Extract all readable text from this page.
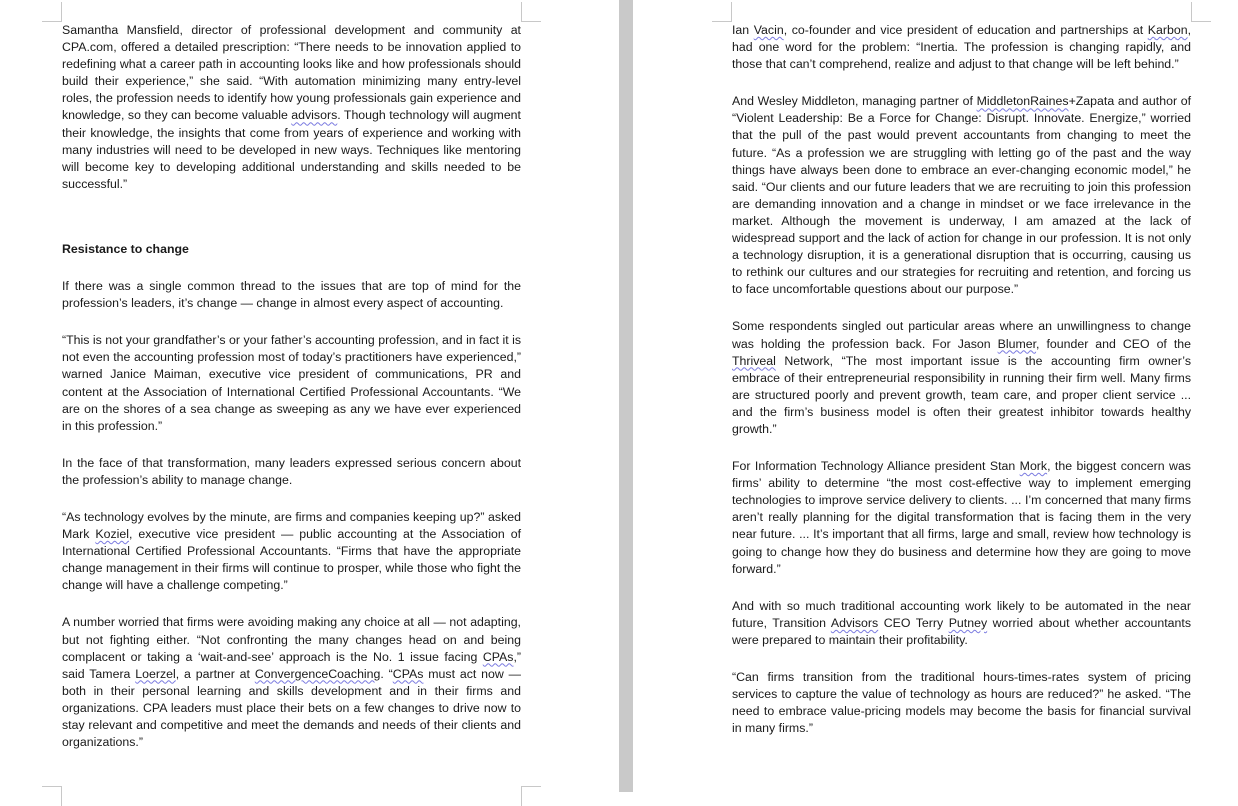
Samantha Mansfield, director of professional development and community at CPA.com, offered a detailed prescription: “There needs to be innovation applied to redefining what a career path in accounting looks like and how professionals should build their experience,” she said. “With automation minimizing many entry-level roles, the profession needs to identify how young professionals gain experience and knowledge, so they can become valuable advisors. Though technology will augment their knowledge, the insights that come from years of experience and working with many industries will need to be developed in new ways. Techniques like mentoring will become key to developing additional understanding and skills needed to be successful.”

Resistance to change

If there was a single common thread to the issues that are top of mind for the profession’s leaders, it’s change — change in almost every aspect of accounting.

“This is not your grandfather’s or your father’s accounting profession, and in fact it is not even the accounting profession most of today’s practitioners have experienced,” warned Janice Maiman, executive vice president of communications, PR and content at the Association of International Certified Professional Accountants. “We are on the shores of a sea change as sweeping as any we have ever experienced in this profession.”

In the face of that transformation, many leaders expressed serious concern about the profession’s ability to manage change.

“As technology evolves by the minute, are firms and companies keeping up?” asked Mark Koziel, executive vice president — public accounting at the Association of International Certified Professional Accountants. “Firms that have the appropriate change management in their firms will continue to prosper, while those who fight the change will have a challenge competing.”

A number worried that firms were avoiding making any choice at all — not adapting, but not fighting either. “Not confronting the many changes head on and being complacent or taking a ‘wait-and-see’ approach is the No. 1 issue facing CPAs,” said Tamera Loerzel, a partner at ConvergenceCoaching. “CPAs must act now — both in their personal learning and skills development and in their firms and organizations. CPA leaders must place their bets on a few changes to drive now to stay relevant and competitive and meet the demands and needs of their clients and organizations.”

Ian Vacin, co-founder and vice president of education and partnerships at Karbon, had one word for the problem: “Inertia. The profession is changing rapidly, and those that can’t comprehend, realize and adjust to that change will be left behind.”

And Wesley Middleton, managing partner of MiddletonRaines+Zapata and author of “Violent Leadership: Be a Force for Change: Disrupt. Innovate. Energize,” worried that the pull of the past would prevent accountants from changing to meet the future. “As a profession we are struggling with letting go of the past and the way things have always been done to embrace an ever-changing economic model,” he said. “Our clients and our future leaders that we are recruiting to join this profession are demanding innovation and a change in mindset or we face irrelevance in the market. Although the movement is underway, I am amazed at the lack of widespread support and the lack of action for change in our profession. It is not only a technology disruption, it is a generational disruption that is occurring, causing us to rethink our cultures and our strategies for recruiting and retention, and forcing us to face uncomfortable questions about our purpose.”

Some respondents singled out particular areas where an unwillingness to change was holding the profession back. For Jason Blumer, founder and CEO of the Thriveal Network, “The most important issue is the accounting firm owner’s embrace of their entrepreneurial responsibility in running their firm well. Many firms are structured poorly and prevent growth, team care, and proper client service ... and the firm’s business model is often their greatest inhibitor towards healthy growth.”

For Information Technology Alliance president Stan Mork, the biggest concern was firms’ ability to determine “the most cost-effective way to implement emerging technologies to improve service delivery to clients. ... I’m concerned that many firms aren’t really planning for the digital transformation that is facing them in the very near future. ... It’s important that all firms, large and small, review how technology is going to change how they do business and determine how they are going to move forward.”

And with so much traditional accounting work likely to be automated in the near future, Transition Advisors CEO Terry Putney worried about whether accountants were prepared to maintain their profitability.

“Can firms transition from the traditional hours-times-rates system of pricing services to capture the value of technology as hours are reduced?” he asked. “The need to embrace value-pricing models may become the basis for financial survival in many firms.”
